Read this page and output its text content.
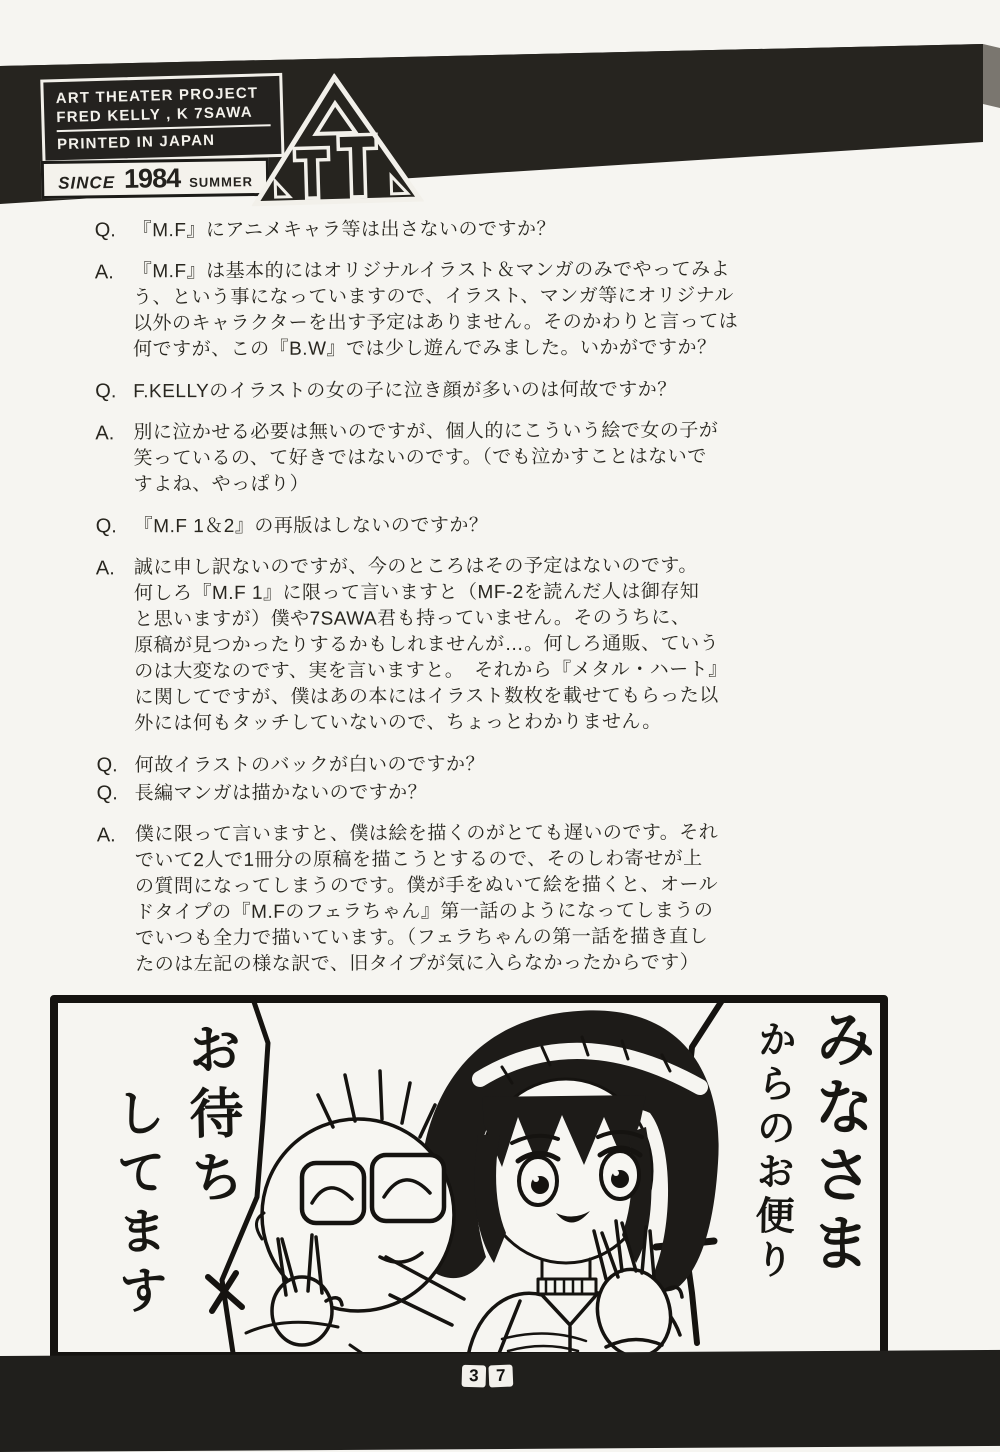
ART THEATER PROJECT
FRED KELLY , K 7SAWA
PRINTED IN JAPAN
SINCE 1984 SUMMER
Q. 『M.F』にアニメキャラ等は出さないのですか？
A.	『M.F』は基本的にはオリジナルイラスト＆マンガのみでやってみよ
う、という事になっていますので、イラスト、マンガ等にオリジナル
以外のキャラクターを出す予定はありません。そのかわりと言っては
何ですが、この『B.W』では少し遊んでみました。いかがですか？
Q. F.KELLYのイラストの女の子に泣き顔が多いのは何故ですか？
A.	別に泣かせる必要は無いのですが、個人的にこういう絵で女の子が
笑っているの、て好きではないのです。（でも泣かすことはないで
すよね、やっぱり）
Q. 『M.F 1＆2』の再版はしないのですか？
A.	誠に申し訳ないのですが、今のところはその予定はないのです。
何しろ『M.F 1』に限って言いますと（MF-2を読んだ人は御存知
と思いますが）僕や7SAWA君も持っていません。そのうちに、
原稿が見つかったりするかもしれませんが…。何しろ通販、ていう
のは大変なのです、実を言いますと。　それから『メタル・ハート』
に関してですが、僕はあの本にはイラスト数枚を載せてもらった以
外には何もタッチしていないので、ちょっとわかりません。
Q. 何故イラストのバックが白いのですか？
Q. 長編マンガは描かないのですか？
A.	僕に限って言いますと、僕は絵を描くのがとても遅いのです。それ
でいて2人で1冊分の原稿を描こうとするので、そのしわ寄せが上
の質問になってしまうのです。僕が手をぬいて絵を描くと、オール
ドタイプの『M.Fのフェラちゃん』第一話のようになってしまうの
でいつも全力で描いています。（フェラちゃんの第一話を描き直し
たのは左記の様な訳で、旧タイプが気に入らなかったからです）
お待ち
してます	みなさま
からのお便り
3 7
